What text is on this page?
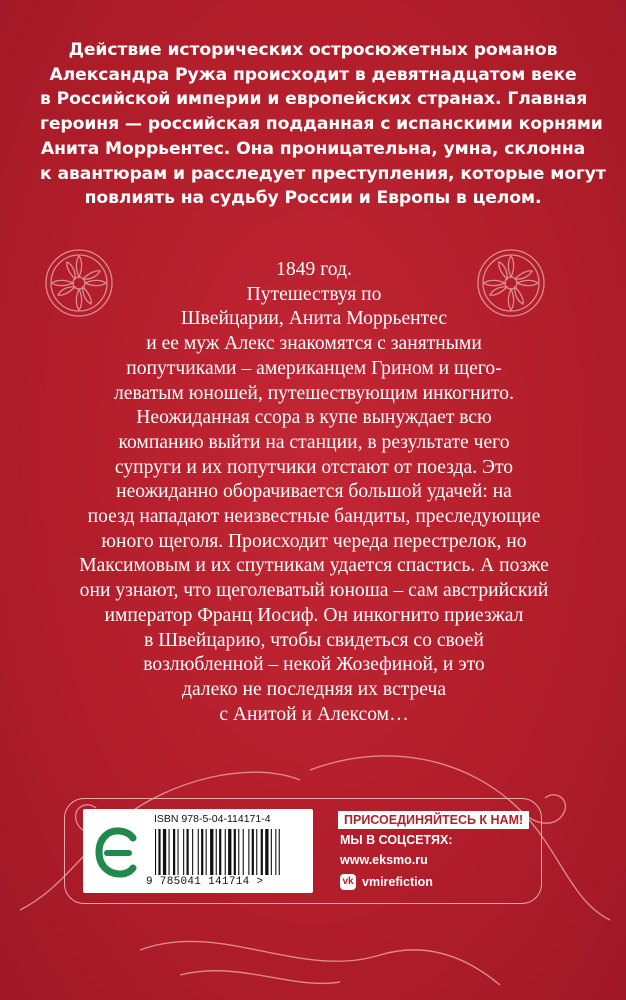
Действие исторических остросюжетных романов
Александра Ружа происходит в девятнадцатом веке
в Российской империи и европейских странах. Главная
героиня — российская подданная с испанскими корнями
Анита Моррьентес. Она проницательна, умна, склонна
к авантюрам и расследует преступления, которые могут
повлиять на судьбу России и Европы в целом.
1849 год.
Путешествуя по
Швейцарии, Анита Моррьентес
и ее муж Алекс знакомятся с занятными
попутчиками – американцем Грином и щего-
леватым юношей, путешествующим инкогнито.
Неожиданная ссора в купе вынуждает всю
компанию выйти на станции, в результате чего
супруги и их попутчики отстают от поезда. Это
неожиданно оборачивается большой удачей: на
поезд нападают неизвестные бандиты, преследующие
юного щеголя. Происходит череда перестрелок, но
Максимовым и их спутникам удается спастись. А позже
они узнают, что щеголеватый юноша – сам австрийский
император Франц Иосиф. Он инкогнито приезжал
в Швейцарию, чтобы свидеться со своей
возлюбленной – некой Жозефиной, и это
далеко не последняя их встреча
с Анитой и Алексом…
ISBN 978-5-04-114171-4
9 785041 141714 >
ПРИСОЕДИНЯЙТЕСЬ К НАМ!
МЫ В СОЦСЕТЯХ:
www.eksmo.ru
vk vmirefiction
